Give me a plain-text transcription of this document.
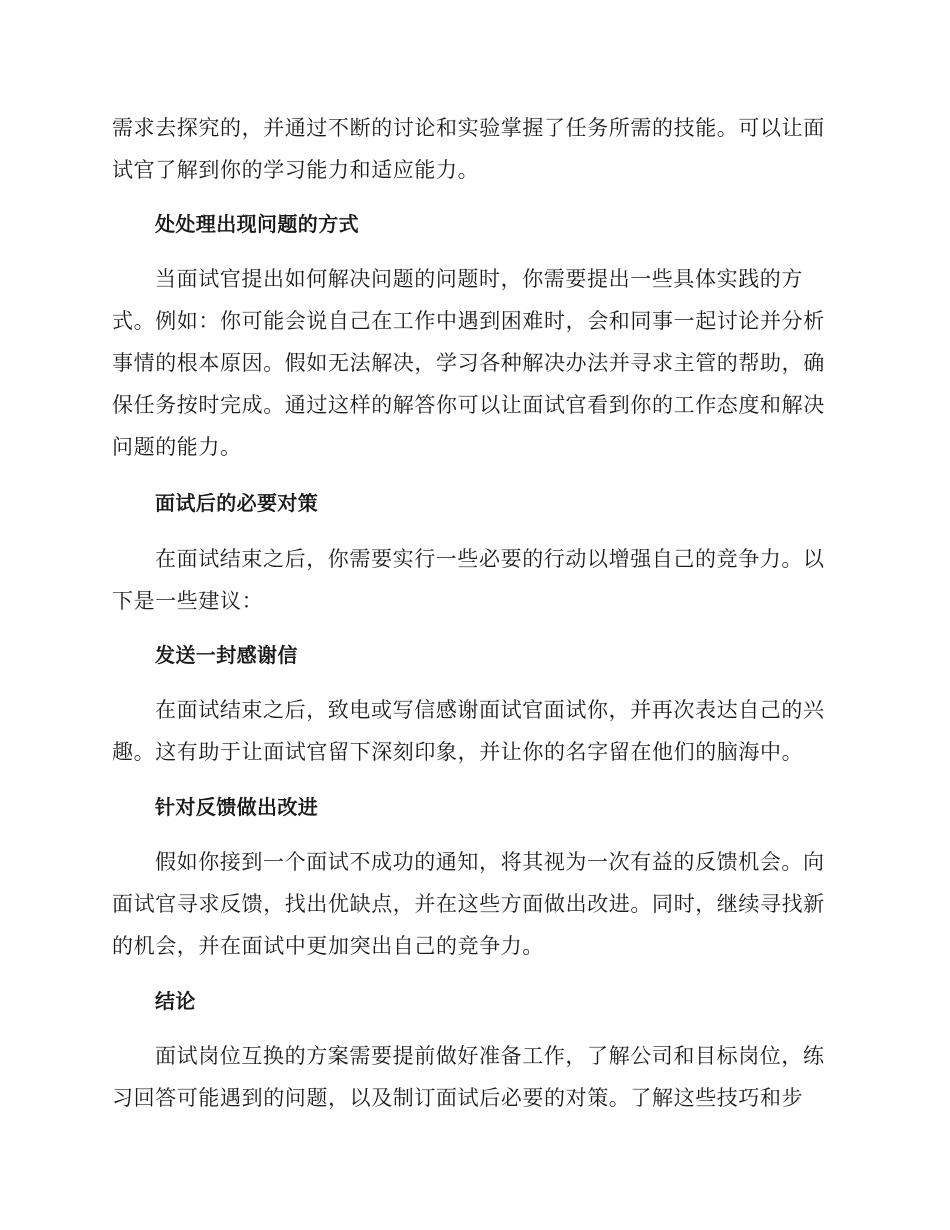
需求去探究的，并通过不断的讨论和实验掌握了任务所需的技能。可以让面
试官了解到你的学习能力和适应能力。
处处理出现问题的方式
当面试官提出如何解决问题的问题时，你需要提出一些具体实践的方
式。例如：你可能会说自己在工作中遇到困难时，会和同事一起讨论并分析
事情的根本原因。假如无法解决，学习各种解决办法并寻求主管的帮助，确
保任务按时完成。通过这样的解答你可以让面试官看到你的工作态度和解决
问题的能力。
面试后的必要对策
在面试结束之后，你需要实行一些必要的行动以增强自己的竞争力。以
下是一些建议：
发送一封感谢信
在面试结束之后，致电或写信感谢面试官面试你，并再次表达自己的兴
趣。这有助于让面试官留下深刻印象，并让你的名字留在他们的脑海中。
针对反馈做出改进
假如你接到一个面试不成功的通知，将其视为一次有益的反馈机会。向
面试官寻求反馈，找出优缺点，并在这些方面做出改进。同时，继续寻找新
的机会，并在面试中更加突出自己的竞争力。
结论
面试岗位互换的方案需要提前做好准备工作，了解公司和目标岗位，练
习回答可能遇到的问题，以及制订面试后必要的对策。了解这些技巧和步
